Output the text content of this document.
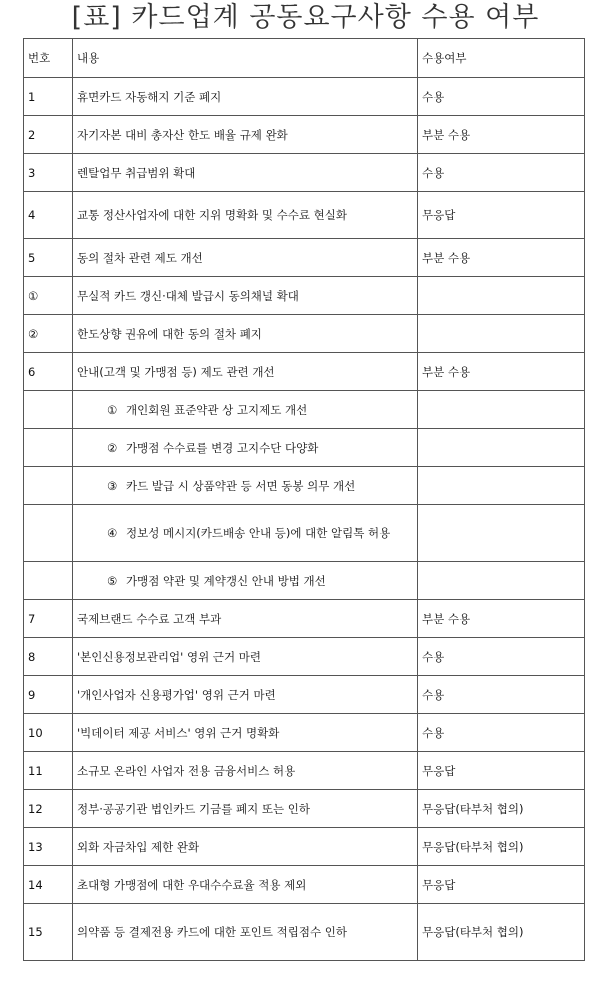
[표] 카드업계 공동요구사항 수용 여부
번호	내용	수용여부
1	휴면카드 자동해지 기준 폐지	수용
2	자기자본 대비 총자산 한도 배율 규제 완화	부분 수용
3	렌탈업무 취급범위 확대	수용
4	교통 정산사업자에 대한 지위 명확화 및 수수료 현실화	무응답
5	동의 절차 관련 제도 개선	부분 수용
①	무실적 카드 갱신·대체 발급시 동의채널 확대	
②	한도상향 권유에 대한 동의 절차 폐지	
6	안내(고객 및 가맹점 등) 제도 관련 개선	부분 수용
	① 개인회원 표준약관 상 고지제도 개선	
	② 가맹점 수수료를 변경 고지수단 다양화	
	③ 카드 발급 시 상품약관 등 서면 동봉 의무 개선	
	④ 정보성 메시지(카드배송 안내 등)에 대한 알림톡 허용	
	⑤ 가맹점 약관 및 계약갱신 안내 방법 개선	
7	국제브랜드 수수료 고객 부과	부분 수용
8	'본인신용정보관리업' 영위 근거 마련	수용
9	'개인사업자 신용평가업' 영위 근거 마련	수용
10	'빅데이터 제공 서비스' 영위 근거 명확화	수용
11	소규모 온라인 사업자 전용 금융서비스 허용	무응답
12	정부·공공기관 법인카드 기금를 폐지 또는 인하	무응답(타부처 협의)
13	외화 자금차입 제한 완화	무응답(타부처 협의)
14	초대형 가맹점에 대한 우대수수료율 적용 제외	무응답
15	의약품 등 결제전용 카드에 대한 포인트 적립점수 인하	무응답(타부처 협의)
